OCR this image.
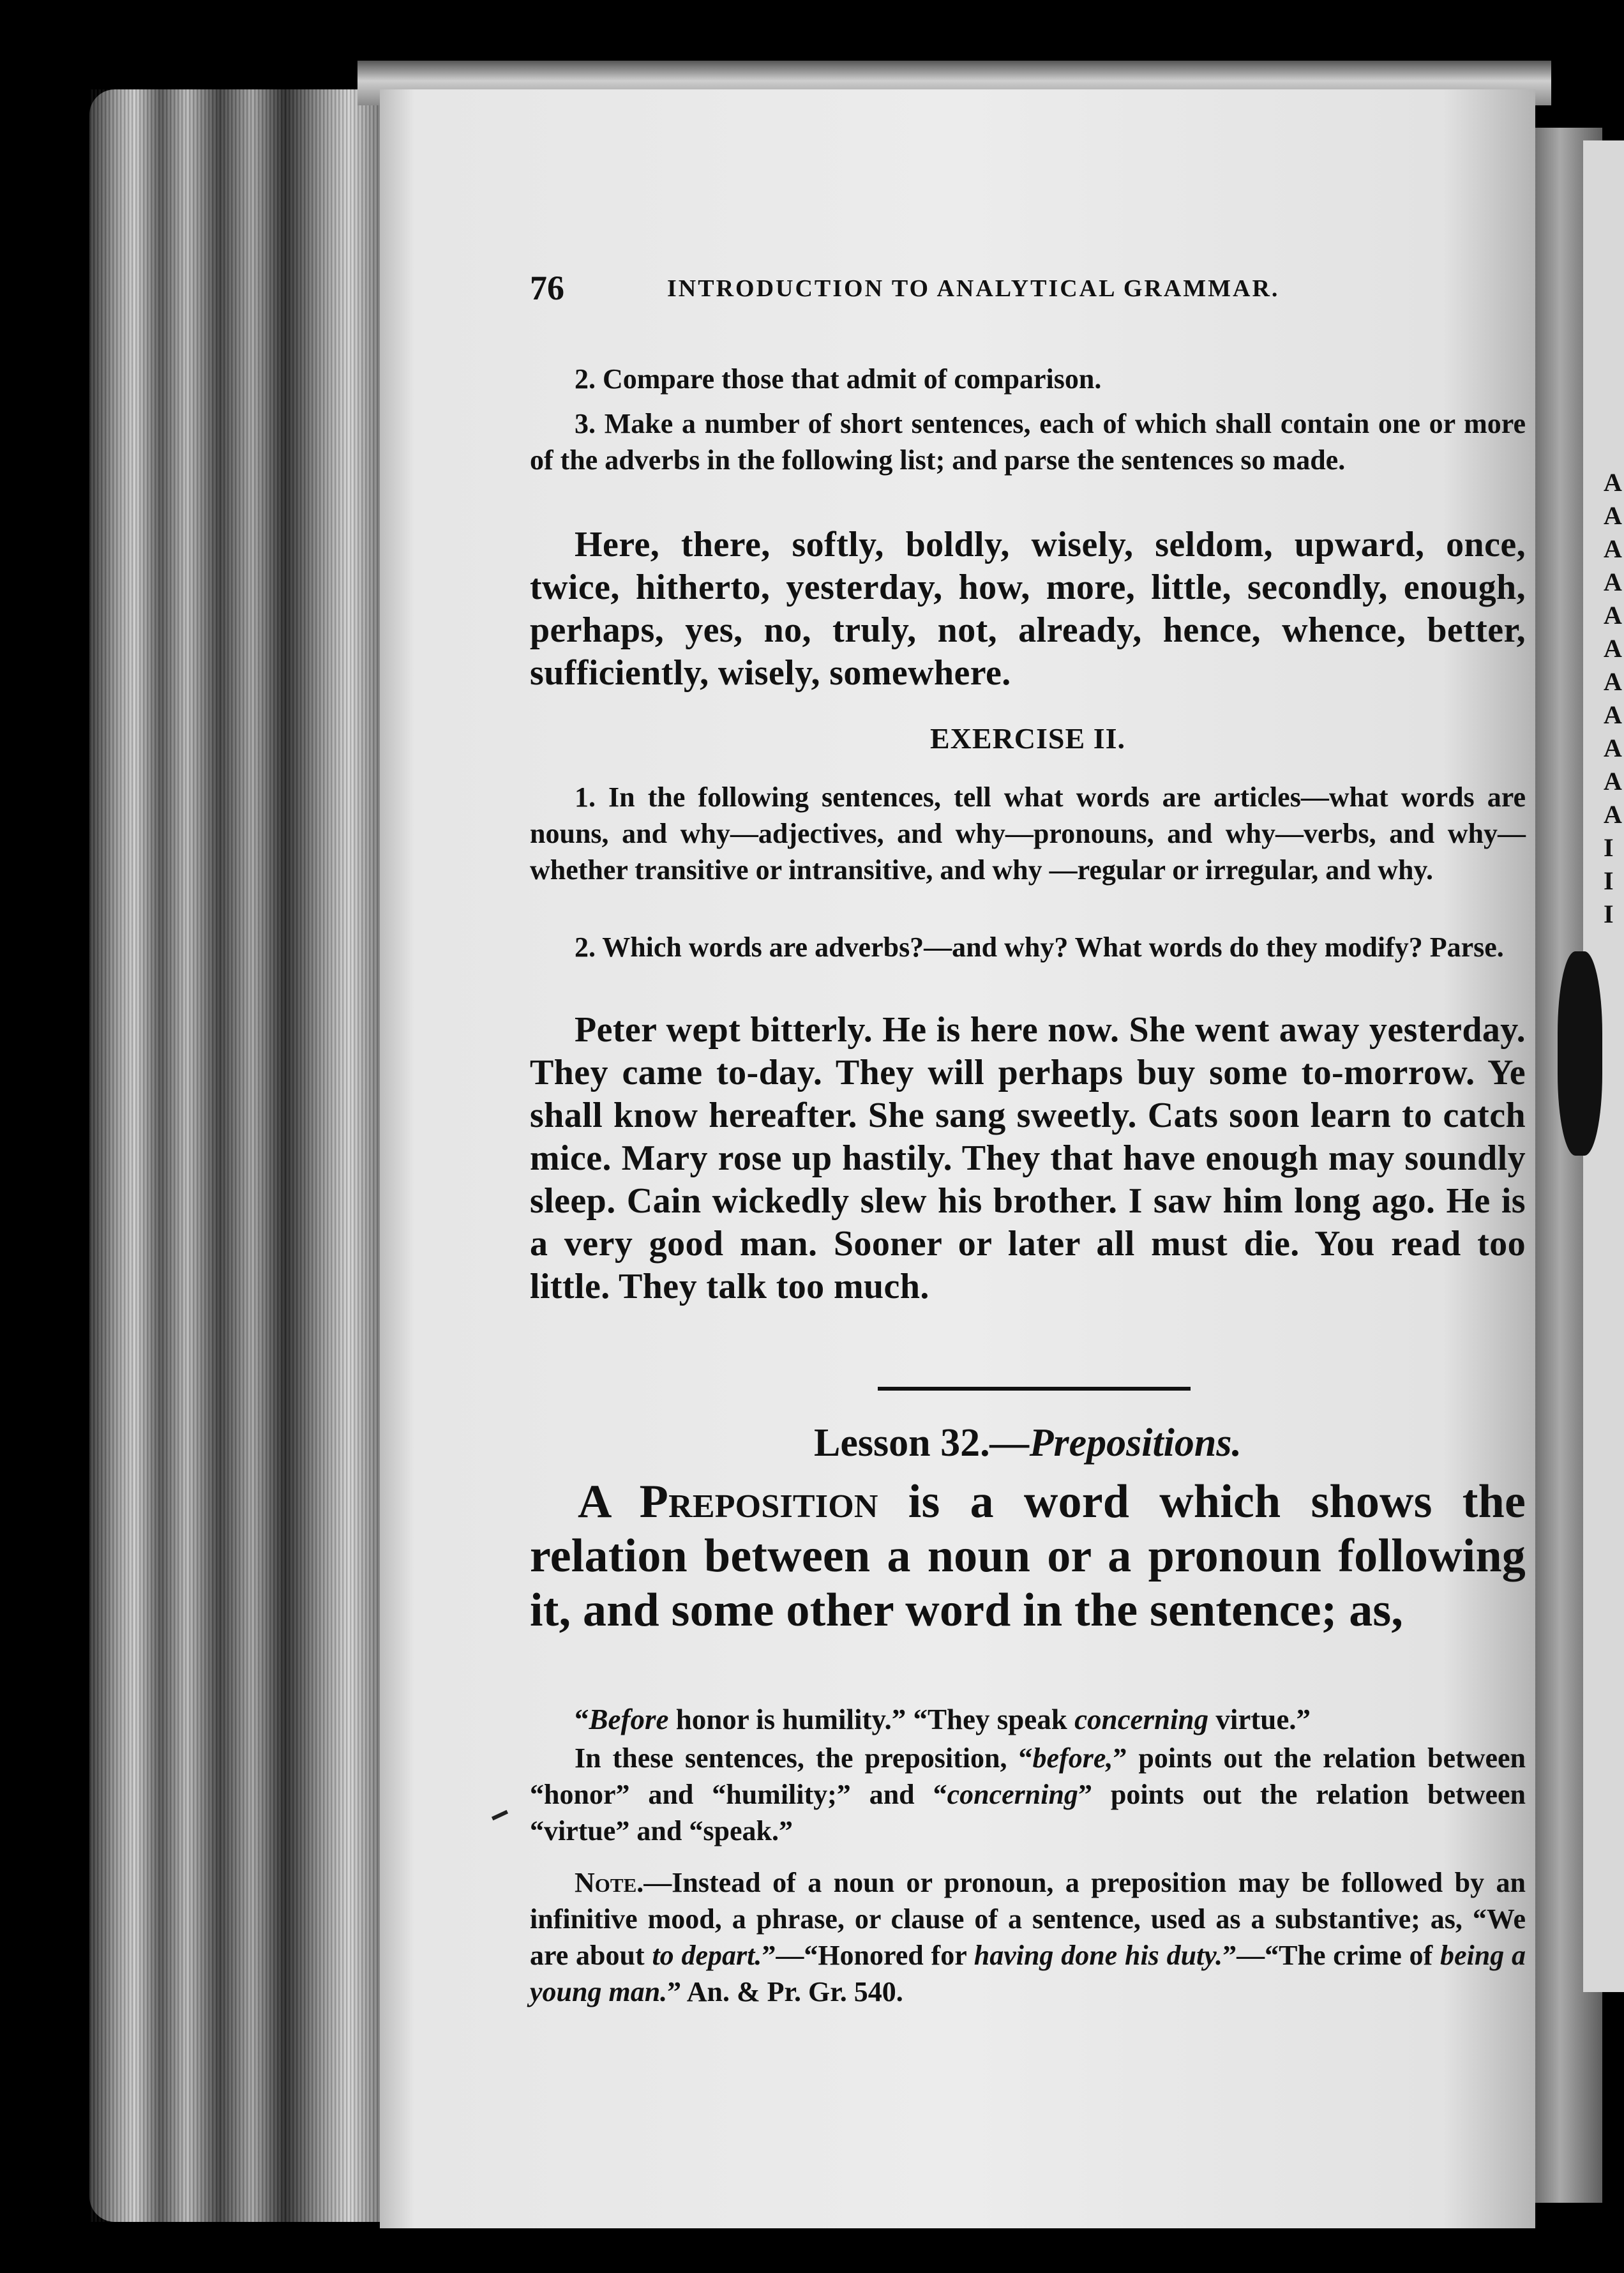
A
A
A
A
A
A
A
A
A
A
A
I
I
I
76	INTRODUCTION TO ANALYTICAL GRAMMAR.
2. Compare those that admit of comparison.
3. Make a number of short sentences, each of which shall contain one or more of the adverbs in the following list; and parse the sentences so made.
Here, there, softly, boldly, wisely, seldom, upward, once, twice, hitherto, yesterday, how, more, little, secondly, enough, perhaps, yes, no, truly, not, already, hence, whence, better, sufficiently, wisely, somewhere.
EXERCISE II.
1. In the following sentences, tell what words are articles—what words are nouns, and why—adjectives, and why—pronouns, and why—verbs, and why—whether transitive or intransitive, and why —regular or irregular, and why.
2. Which words are adverbs?—and why? What words do they modify? Parse.
Peter wept bitterly. He is here now. She went away yesterday. They came to-day. They will perhaps buy some to-morrow. Ye shall know hereafter. She sang sweetly. Cats soon learn to catch mice. Mary rose up hastily. They that have enough may soundly sleep. Cain wickedly slew his brother. I saw him long ago. He is a very good man. Sooner or later all must die. You read too little. They talk too much.
Lesson 32.—Prepositions.
A Preposition is a word which shows the relation between a noun or a pronoun following it, and some other word in the sentence; as,
“Before honor is humility.” “They speak concerning virtue.”
In these sentences, the preposition, “before,” points out the relation between “honor” and “humility;” and “concerning” points out the relation between “virtue” and “speak.”
Note.—Instead of a noun or pronoun, a preposition may be followed by an infinitive mood, a phrase, or clause of a sentence, used as a substantive; as, “We are about to depart.”—“Honored for having done his duty.”—“The crime of being a young man.” An. & Pr. Gr. 540.
